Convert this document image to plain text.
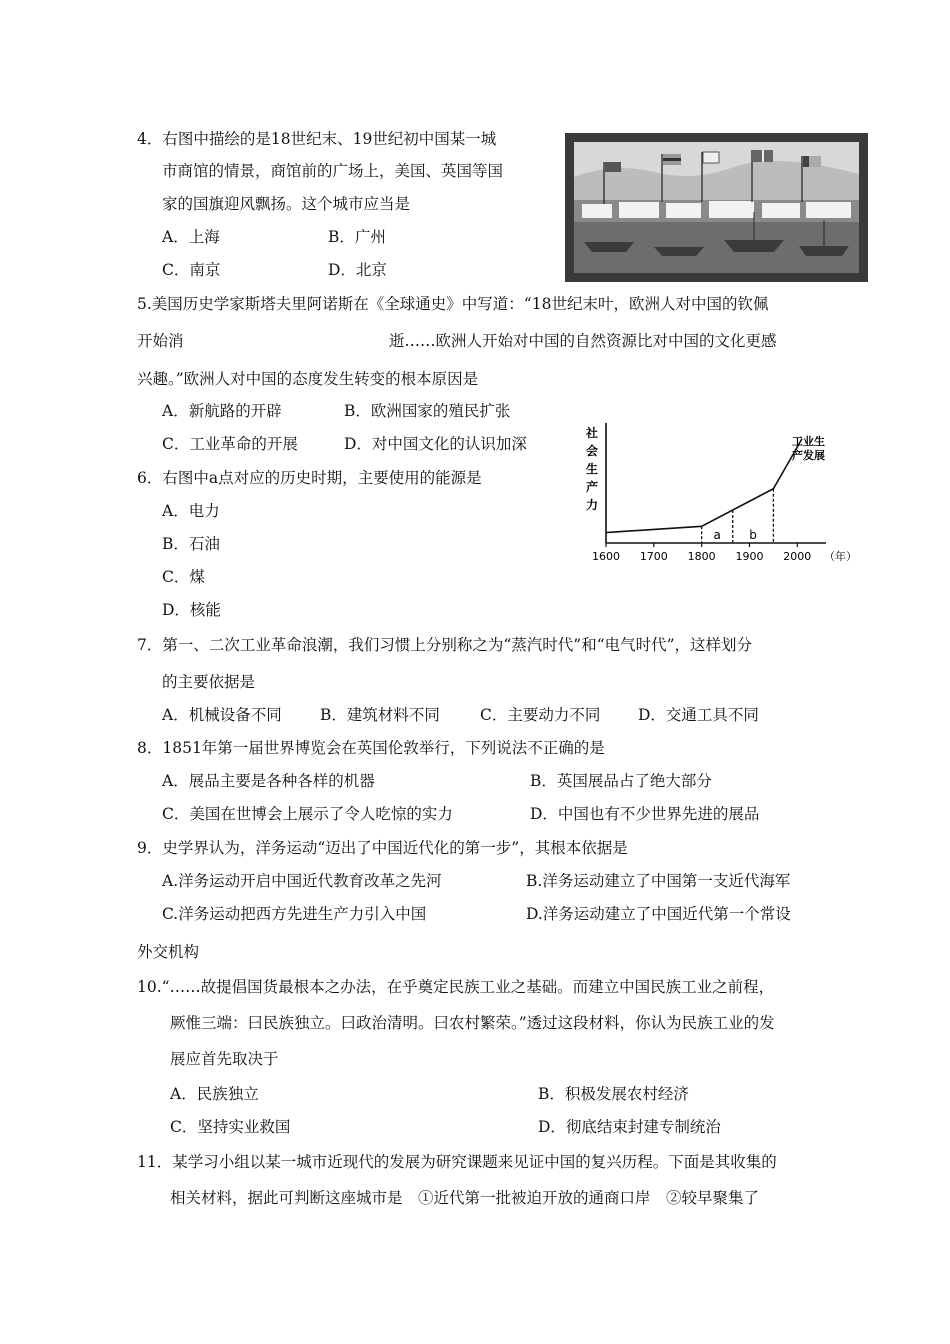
4．右图中描绘的是18世纪末、19世纪初中国某一城
市商馆的情景，商馆前的广场上，美国、英国等国
家的国旗迎风飘扬。这个城市应当是
A．上海	B．广州
C．南京	D．北京
5.美国历史学家斯塔夫里阿诺斯在《全球通史》中写道：“18世纪末叶，欧洲人对中国的钦佩
开始消	逝……欧洲人开始对中国的自然资源比对中国的文化更感
兴趣。”欧洲人对中国的态度发生转变的根本原因是
A．新航路的开辟	B．欧洲国家的殖民扩张
C．工业革命的开展	D．对中国文化的认识加深
社
会
生
产
力
1600 1700 1800 1900 2000 （年）
a b
工业生
产发展
6．右图中a点对应的历史时期，主要使用的能源是
A．电力
B．石油
C．煤
D．核能
7．第一、二次工业革命浪潮，我们习惯上分别称之为“蒸汽时代”和“电气时代”，这样划分
的主要依据是
A．机械设备不同 B．建筑材料不同	C．主要动力不同 D．交通工具不同
8．1851年第一届世界博览会在英国伦敦举行，下列说法不正确的是
A．展品主要是各种各样的机器	B．英国展品占了绝大部分
C．美国在世博会上展示了令人吃惊的实力	D．中国也有不少世界先进的展品
9．史学界认为，洋务运动“迈出了中国近代化的第一步”，其根本依据是
A.洋务运动开启中国近代教育改革之先河	B.洋务运动建立了中国第一支近代海军
C.洋务运动把西方先进生产力引入中国	D.洋务运动建立了中国近代第一个常设
外交机构
10.“……故提倡国货最根本之办法，在乎奠定民族工业之基础。而建立中国民族工业之前程，
厥惟三端：曰民族独立。曰政治清明。曰农村繁荣。”透过这段材料，你认为民族工业的发
展应首先取决于
A．民族独立	B．积极发展农村经济
C．坚持实业救国	D．彻底结束封建专制统治
11．某学习小组以某一城市近现代的发展为研究课题来见证中国的复兴历程。下面是其收集的
相关材料，据此可判断这座城市是　①近代第一批被迫开放的通商口岸　②较早聚集了
